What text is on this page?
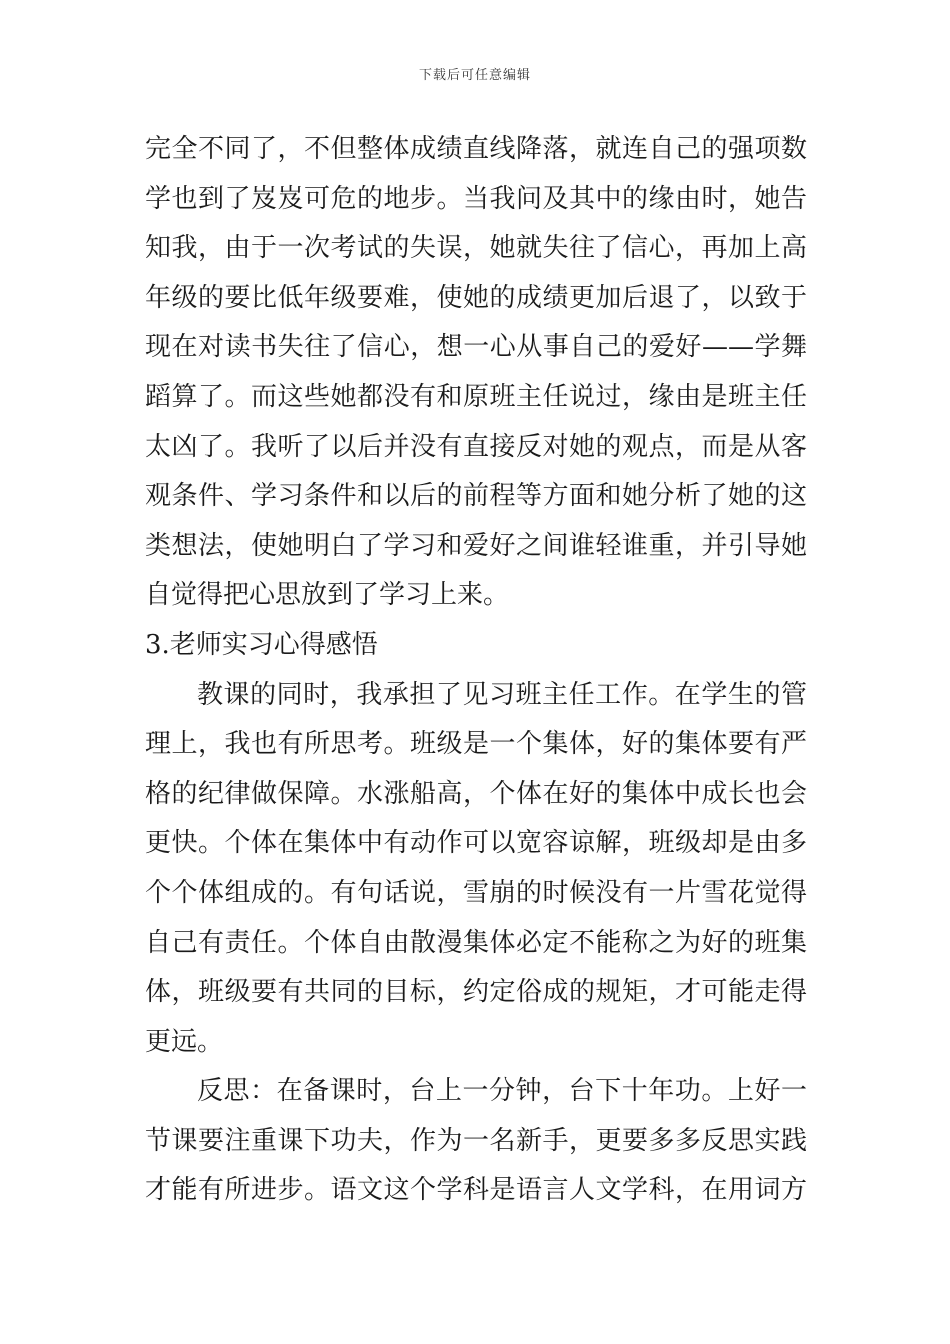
下载后可任意编辑
完全不同了，不但整体成绩直线降落，就连自己的强项数
学也到了岌岌可危的地步。当我问及其中的缘由时，她告
知我，由于一次考试的失误，她就失往了信心，再加上高
年级的要比低年级要难，使她的成绩更加后退了，以致于
现在对读书失往了信心，想一心从事自己的爱好——学舞
蹈算了。而这些她都没有和原班主任说过，缘由是班主任
太凶了。我听了以后并没有直接反对她的观点，而是从客
观条件、学习条件和以后的前程等方面和她分析了她的这
类想法，使她明白了学习和爱好之间谁轻谁重，并引导她
自觉得把心思放到了学习上来。
3.老师实习心得感悟
教课的同时，我承担了见习班主任工作。在学生的管
理上，我也有所思考。班级是一个集体，好的集体要有严
格的纪律做保障。水涨船高，个体在好的集体中成长也会
更快。个体在集体中有动作可以宽容谅解，班级却是由多
个个体组成的。有句话说，雪崩的时候没有一片雪花觉得
自己有责任。个体自由散漫集体必定不能称之为好的班集
体，班级要有共同的目标，约定俗成的规矩，才可能走得
更远。
反思：在备课时，台上一分钟，台下十年功。上好一
节课要注重课下功夫，作为一名新手，更要多多反思实践
才能有所进步。语文这个学科是语言人文学科，在用词方
